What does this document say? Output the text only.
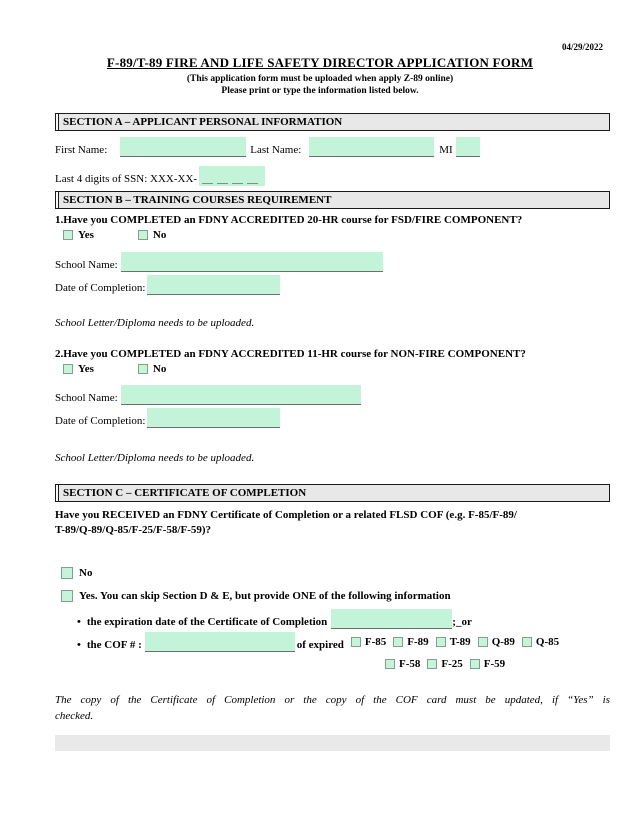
04/29/2022
F-89/T-89 FIRE AND LIFE SAFETY DIRECTOR APPLICATION FORM
(This application form must be uploaded when apply Z-89 online)
Please print or type the information listed below.
SECTION A – APPLICANT PERSONAL INFORMATION
First Name:	Last Name:	MI
Last 4 digits of SSN: XXX-XX-
SECTION B – TRAINING COURSES REQUIREMENT
1.Have you COMPLETED an FDNY ACCREDITED 20-HR course for FSD/FIRE COMPONENT?
Yes	No
School Name:
Date of Completion:
School Letter/Diploma needs to be uploaded.
2.Have you COMPLETED an FDNY ACCREDITED 11-HR course for NON-FIRE COMPONENT?
Yes	No
School Name:
Date of Completion:
School Letter/Diploma needs to be uploaded.
SECTION C – CERTIFICATE OF COMPLETION
Have you RECEIVED an FDNY Certificate of Completion or a related FLSD COF (e.g. F-85/F-89/
T-89/Q-89/Q-85/F-25/F-58/F-59)?
No
Yes. You can skip Section D & E, but provide ONE of the following information
• the expiration date of the Certificate of Completion	;_or
• the COF # :	of expired F-85 F-89 T-89 Q-89 Q-85
F-58 F-25 F-59
The copy of the Certificate of Completion or the copy of the COF card must be updated, if “Yes” is
checked.
